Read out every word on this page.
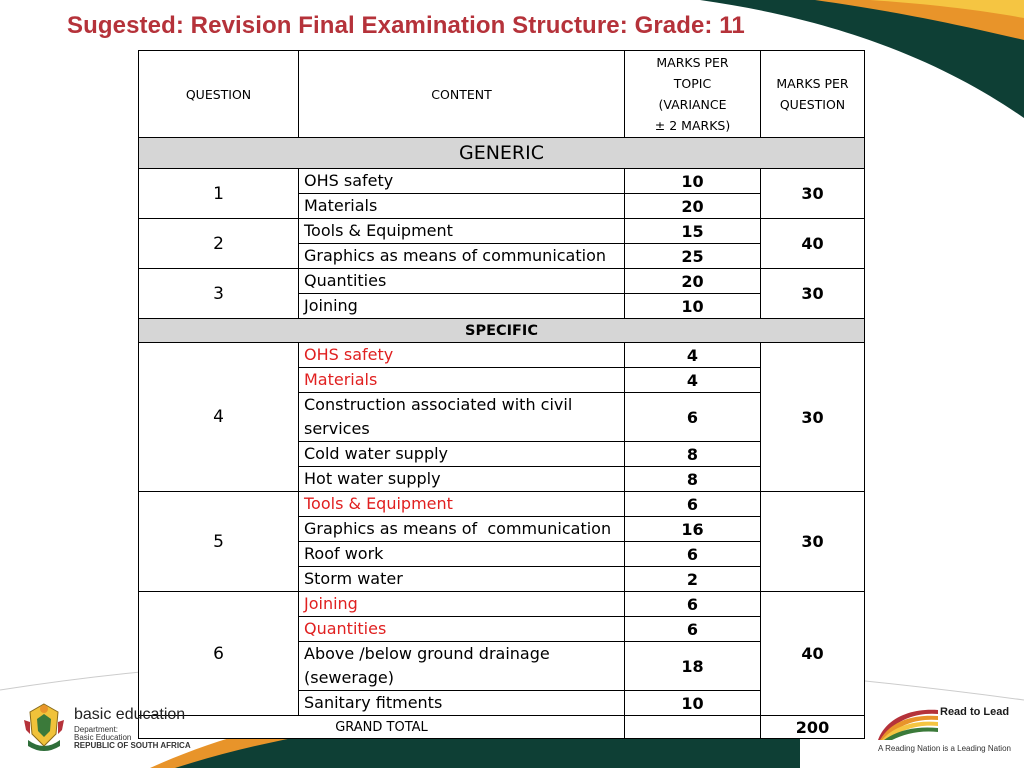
Sugested: Revision Final Examination Structure: Grade: 11
QUESTION	CONTENT	MARKS PER
TOPIC
(VARIANCE
± 2 MARKS)	MARKS PER
QUESTION
GENERIC			
1	OHS safety	10	30
	Materials	20	
2	Tools & Equipment	15	40
	Graphics as means of communication	25	
3	Quantities	20	30
	Joining	10	
SPECIFIC			
4	OHS safety	4	30
	Materials	4	
	Construction associated with civil
services	6	
	Cold water supply	8	
	Hot water supply	8	
5	Tools & Equipment	6	30
	Graphics as means of  communication	16	
	Roof work	6	
	Storm water	2	
6	Joining	6	40
	Quantities	6	
	Above /below ground drainage
(sewerage)	18	
	Sanitary fitments	10	
GRAND TOTAL			200
basic education
Department:
Basic Education
REPUBLIC OF SOUTH AFRICA
Read to Lead
A Reading Nation is a Leading Nation
